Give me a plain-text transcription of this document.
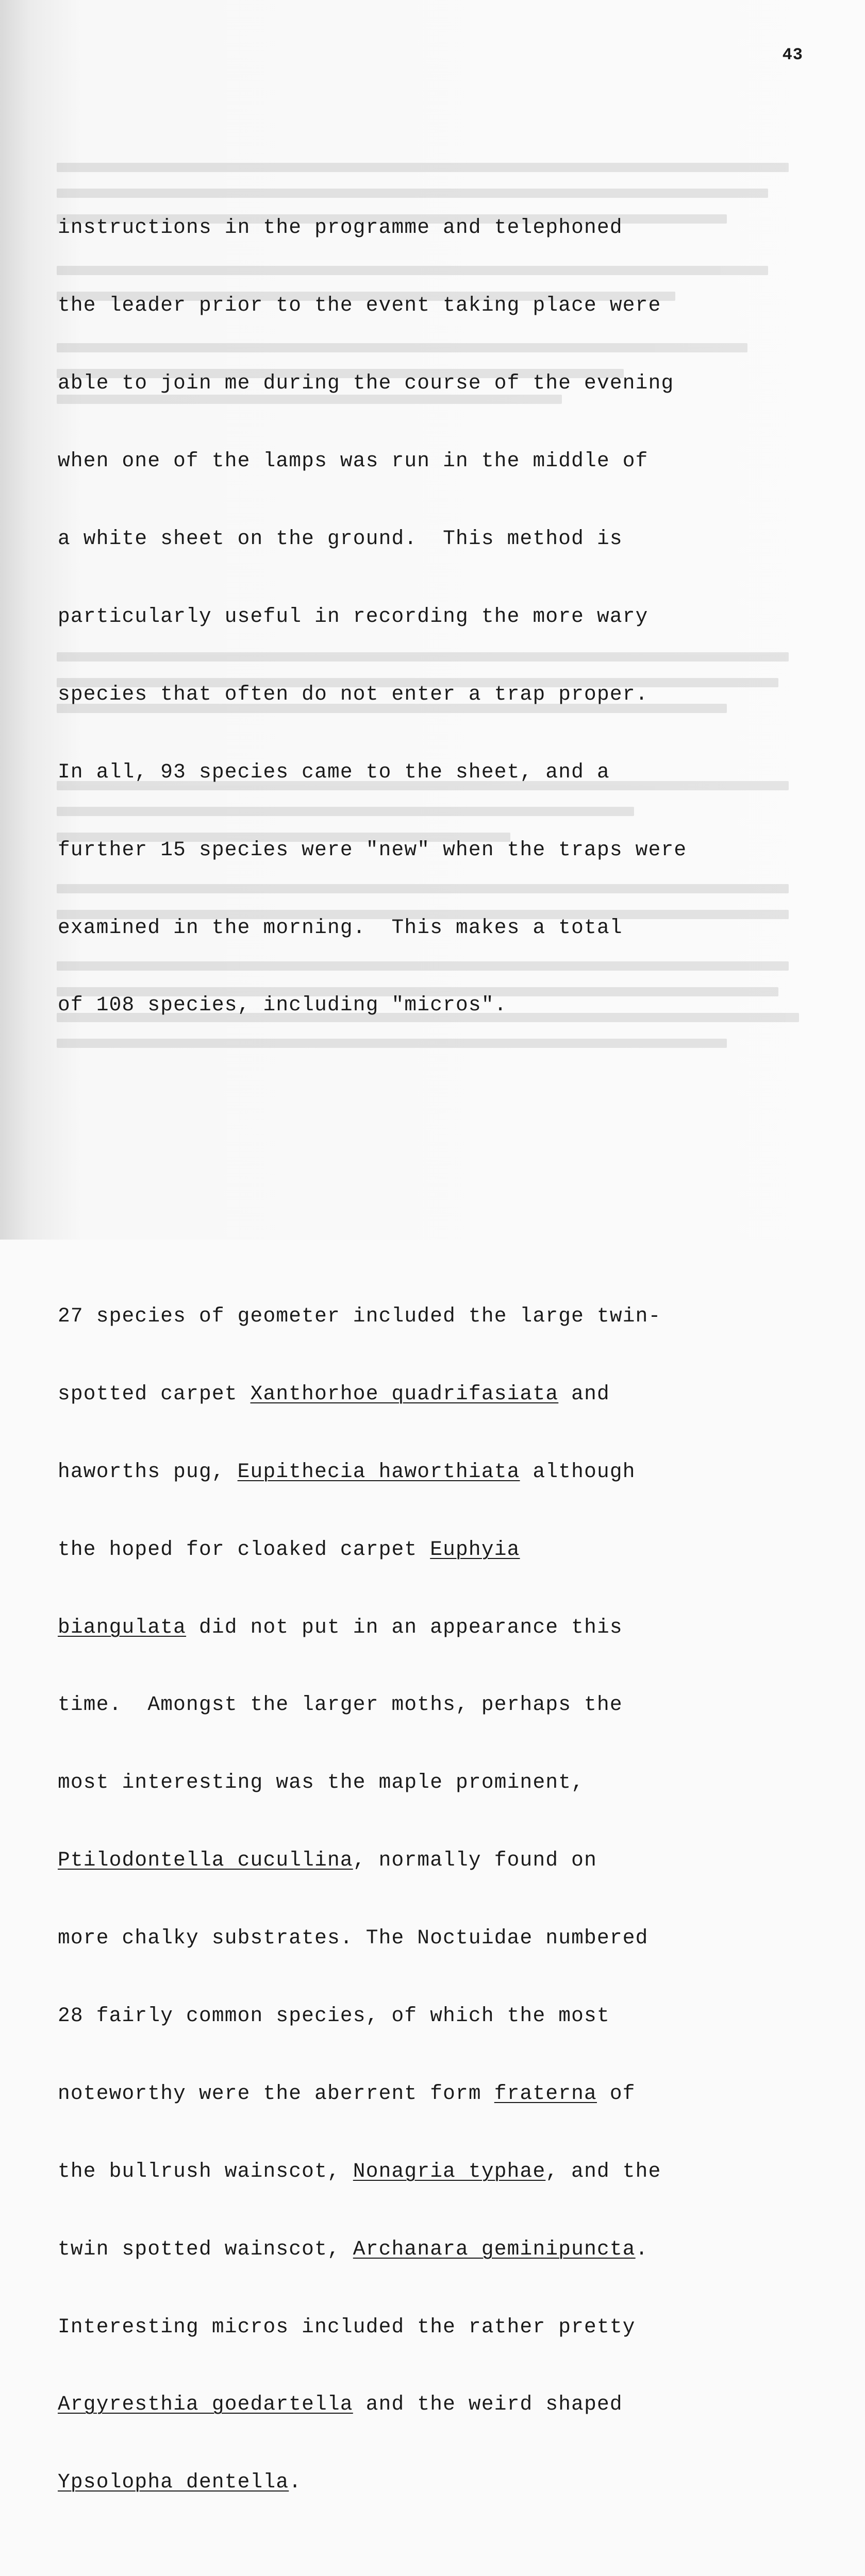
43

instructions in the programme and telephoned

the leader prior to the event taking place were

able to join me during the course of the evening

when one of the lamps was run in the middle of

a white sheet on the ground.  This method is

particularly useful in recording the more wary

species that often do not enter a trap proper.

In all, 93 species came to the sheet, and a

further 15 species were "new" when the traps were

examined in the morning.  This makes a total

of 108 species, including "micros".

27 species of geometer included the large twin-

spotted carpet Xanthorhoe quadrifasiata and

haworths pug, Eupithecia haworthiata although

the hoped for cloaked carpet Euphyia

biangulata did not put in an appearance this

time.  Amongst the larger moths, perhaps the

most interesting was the maple prominent,

Ptilodontella cucullina, normally found on

more chalky substrates. The Noctuidae numbered

28 fairly common species, of which the most

noteworthy were the aberrent form fraterna of

the bullrush wainscot, Nonagria typhae, and the

twin spotted wainscot, Archanara geminipuncta.

Interesting micros included the rather pretty

Argyresthia goedartella and the weird shaped

Ypsolopha dentella.
